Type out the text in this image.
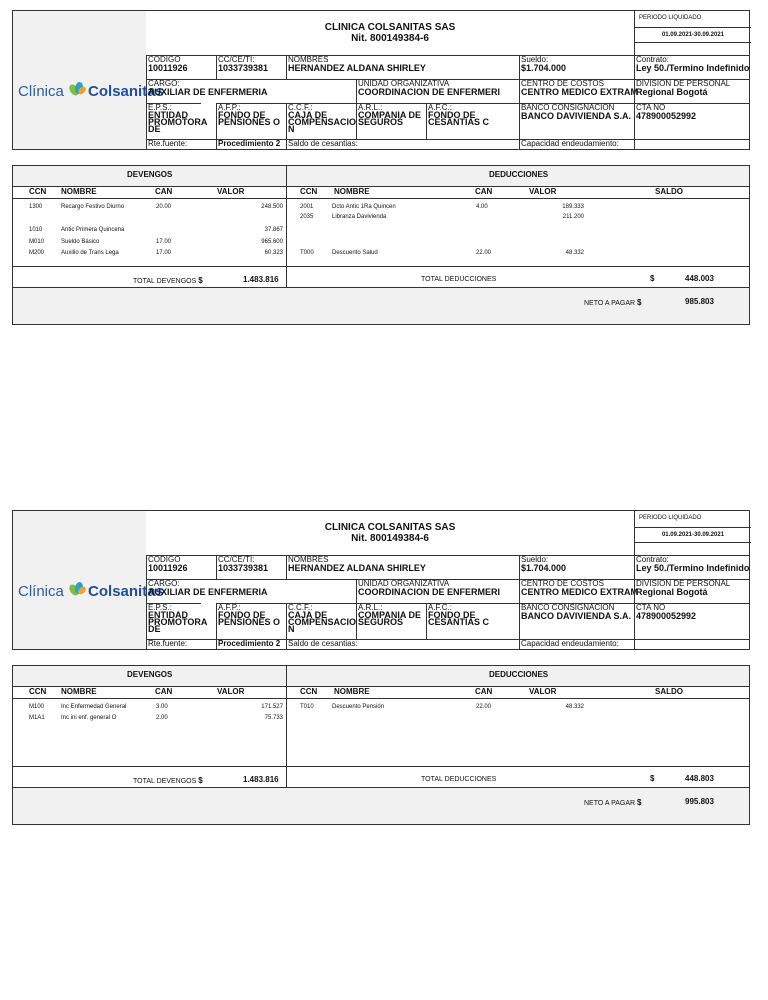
Clínica Colsanitas
CLINICA COLSANITAS SAS
Nit. 800149384-6
PERIODO LIQUIDADO
01.09.2021-30.09.2021
CODIGO
10011926
CC/CE/TI:
1033739381
NOMBRES
HERNANDEZ ALDANA SHIRLEY
Sueldo:
$1.704.000
Contrato:
Ley 50./Termino Indefinido
CARGO:
AUXILIAR DE ENFERMERIA
UNIDAD ORGANIZATIVA
COORDINACION DE ENFERMERI
CENTRO DE COSTOS
CENTRO MEDICO EXTRAM
DIVISION DE PERSONAL
Regional Bogotá
E.P.S.:
ENTIDAD PROMOTORA DE
A.F.P.:
FONDO DE PENSIONES O
C.C.F.:
CAJA DE COMPENSACIO N
A.R.L.:
COMPANIA DE SEGUROS
A.F.C.:
FONDO DE CESANTIAS C
BANCO CONSIGNACION
BANCO DAVIVIENDA S.A.
CTA NO
478900052992
Rte.fuente:	Procedimiento 2 Saldo de cesantias:	Capacidad endeudamiento:
DEVENGOS	DEDUCCIONES
CCN NOMBRE	CAN	VALOR	CCN NOMBRE	CAN	VALOR	SALDO
1300	Recargo Festivo Diurno	20.00	248.500
1010	Antic Primera Quincena	37.867
M010	Sueldo Básico	17.00	965.600
M200	Auxilio de Trans Lega	17.00	60.323
2001	Dcto Antic 1Ra Quincen	4.00	189.333
2035	Libranza Davivienda	211.200
T000	Descuento Salud	22.00	48.332
TOTAL DEVENGOS $	1.483.816	TOTAL DEDUCCIONES	$	448.003
NETO A PAGAR $	985.803
Clínica Colsanitas
CLINICA COLSANITAS SAS
Nit. 800149384-6
PERIODO LIQUIDADO
01.09.2021-30.09.2021
CODIGO
10011926
CC/CE/TI:
1033739381
NOMBRES
HERNANDEZ ALDANA SHIRLEY
Sueldo:
$1.704.000
Contrato:
Ley 50./Termino Indefinido
CARGO:
AUXILIAR DE ENFERMERIA
UNIDAD ORGANIZATIVA
COORDINACION DE ENFERMERI
CENTRO DE COSTOS
CENTRO MEDICO EXTRAM
DIVISION DE PERSONAL
Regional Bogotá
E.P.S.:
ENTIDAD PROMOTORA DE
A.F.P.:
FONDO DE PENSIONES O
C.C.F.:
CAJA DE COMPENSACIO N
A.R.L.:
COMPANIA DE SEGUROS
A.F.C.:
FONDO DE CESANTIAS C
BANCO CONSIGNACION
BANCO DAVIVIENDA S.A.
CTA NO
478900052992
Rte.fuente:	Procedimiento 2 Saldo de cesantias:	Capacidad endeudamiento:
DEVENGOS	DEDUCCIONES
CCN NOMBRE	CAN	VALOR	CCN NOMBRE	CAN	VALOR	SALDO
M100	Inc Enfermedad General	3.00	171.527
M1A1	Inc ini enf. general O	2.00	75.733
T010	Descuento Pensión	22.00	48.332
TOTAL DEVENGOS $	1.483.816	TOTAL DEDUCCIONES	$	448.803
NETO A PAGAR $	995.803
